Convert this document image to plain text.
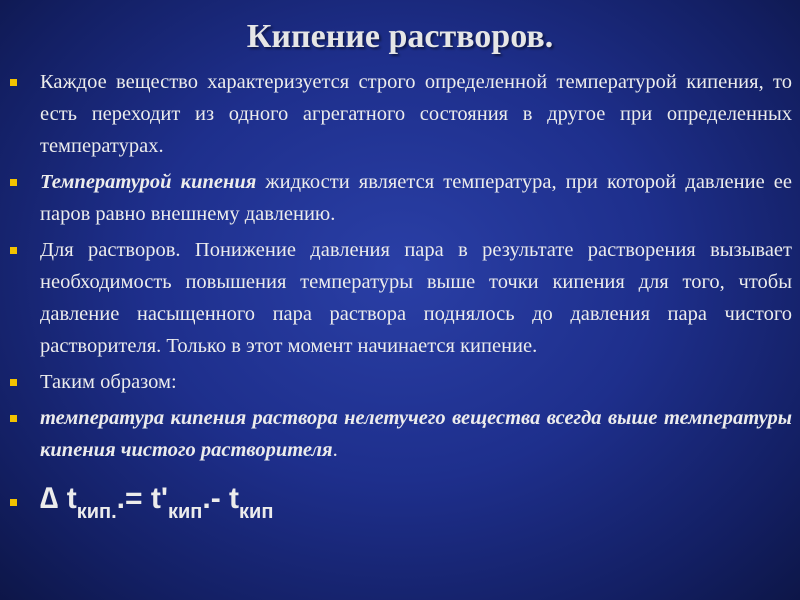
Кипение растворов.
Каждое вещество характеризуется строго определенной температурой кипения, то есть переходит из одного агрегатного состояния в другое при определенных температурах.
Температурой кипения жидкости является температура, при которой давление ее паров равно внешнему давлению.
Для растворов. Понижение давления пара в результате растворения вызывает необходимость повышения температуры выше точки кипения для того, чтобы давление насыщенного пара раствора поднялось до давления пара чистого растворителя. Только в этот момент начинается кипение.
Таким образом:
температура кипения раствора нелетучего вещества всегда выше температуры кипения чистого растворителя.
∆ $t_{кип.}.= t'_{кип}.-$ $t_{кип}$
